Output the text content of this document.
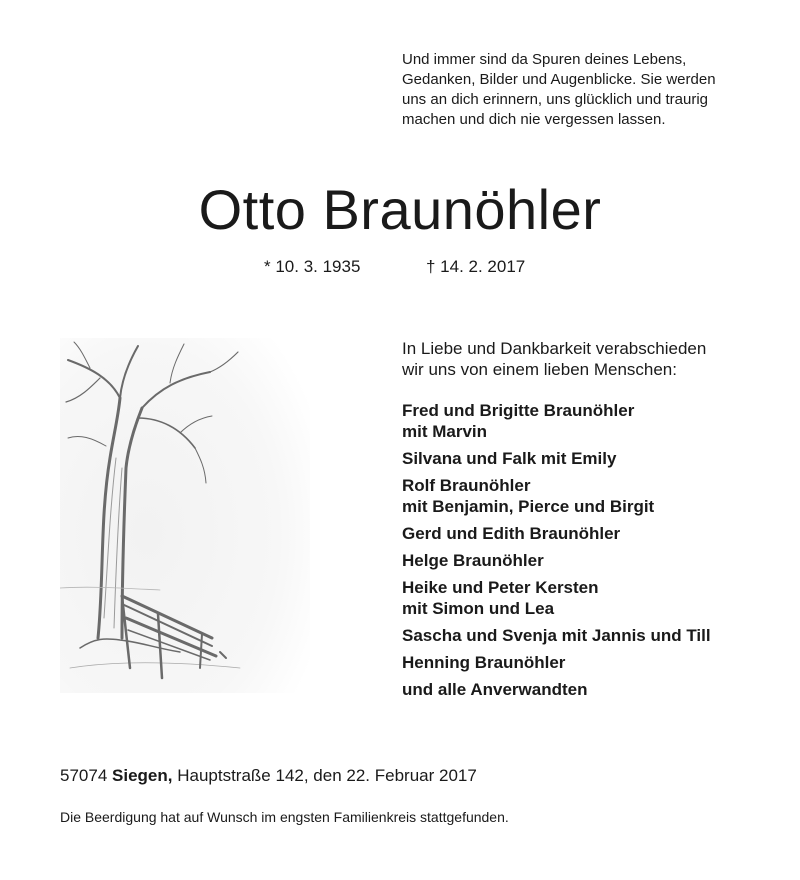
Und immer sind da Spuren deines Lebens,
Gedanken, Bilder und Augenblicke. Sie werden
uns an dich erinnern, uns glücklich und traurig
machen und dich nie vergessen lassen.
Otto Braunöhler
* 10. 3. 1935	† 14. 2. 2017
In Liebe und Dankbarkeit verabschieden
wir uns von einem lieben Menschen:
Fred und Brigitte Braunöhler
mit Marvin
Silvana und Falk mit Emily
Rolf Braunöhler
mit Benjamin, Pierce und Birgit
Gerd und Edith Braunöhler
Helge Braunöhler
Heike und Peter Kersten
mit Simon und Lea
Sascha und Svenja mit Jannis und Till
Henning Braunöhler
und alle Anverwandten
57074 Siegen, Hauptstraße 142, den 22. Februar 2017
Die Beerdigung hat auf Wunsch im engsten Familienkreis stattgefunden.
